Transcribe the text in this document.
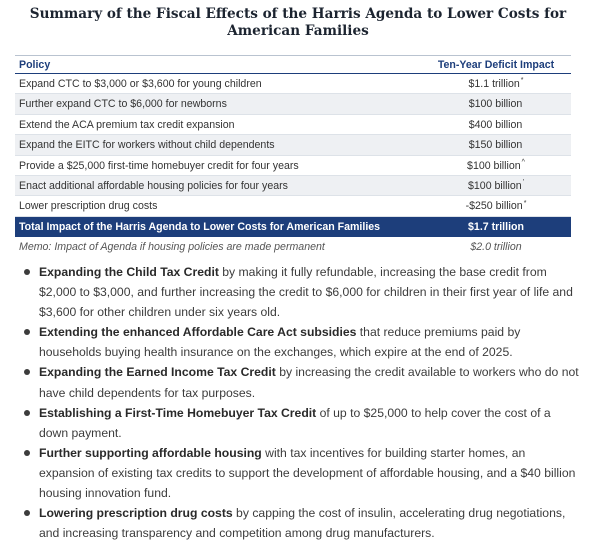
Summary of the Fiscal Effects of the Harris Agenda to Lower Costs for
American Families
Policy	Ten-Year Deficit Impact
Expand CTC to $3,000 or $3,600 for young children	$1.1 trillion*
Further expand CTC to $6,000 for newborns	$100 billion
Extend the ACA premium tax credit expansion	$400 billion
Expand the EITC for workers without child dependents	$150 billion
Provide a $25,000 first-time homebuyer credit for four years	$100 billion^
Enact additional affordable housing policies for four years	$100 billion'
Lower prescription drug costs	-$250 billion*
Total Impact of the Harris Agenda to Lower Costs for American Families	$1.7 trillion
Memo: Impact of Agenda if housing policies are made permanent	$2.0 trillion
Expanding the Child Tax Credit by making it fully refundable, increasing the base credit from $2,000 to $3,000, and further increasing the credit to $6,000 for children in their first year of life and $3,600 for other children under six years old.
Extending the enhanced Affordable Care Act subsidies that reduce premiums paid by households buying health insurance on the exchanges, which expire at the end of 2025.
Expanding the Earned Income Tax Credit by increasing the credit available to workers who do not have child dependents for tax purposes.
Establishing a First-Time Homebuyer Tax Credit of up to $25,000 to help cover the cost of a down payment.
Further supporting affordable housing with tax incentives for building starter homes, an expansion of existing tax credits to support the development of affordable housing, and a $40 billion housing innovation fund.
Lowering prescription drug costs by capping the cost of insulin, accelerating drug negotiations, and increasing transparency and competition among drug manufacturers.
